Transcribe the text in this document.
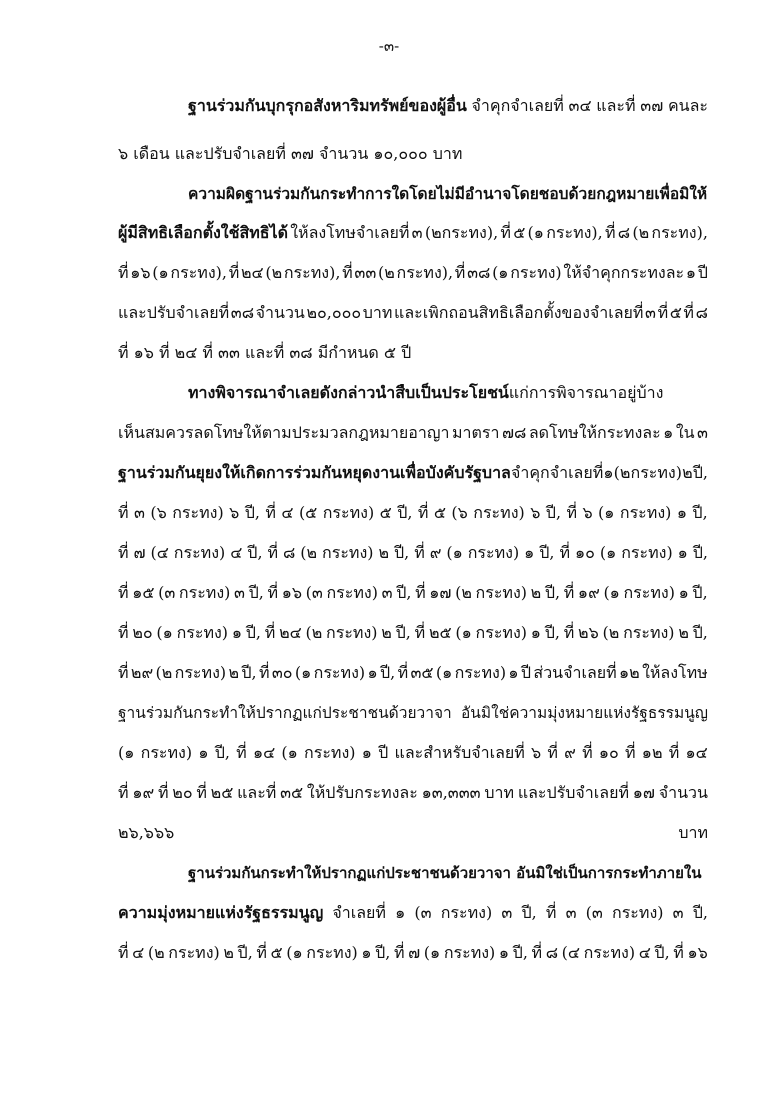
-๓-
ฐานร่วมกันบุกรุกอสังหาริมทรัพย์ของผู้อื่น จำคุกจำเลยที่ ๓๔ และที่ ๓๗ คนละ
๖ เดือน และปรับจำเลยที่ ๓๗ จำนวน ๑๐,๐๐๐ บาท
ความผิดฐานร่วมกันกระทำการใดโดยไม่มีอำนาจโดยชอบด้วยกฎหมายเพื่อมิให้
ผู้มีสิทธิเลือกตั้งใช้สิทธิได้ ให้ลงโทษจำเลยที่ ๓ (๒กระทง), ที่ ๕ (๑ กระทง), ที่ ๘ (๒ กระทง),
ที่ ๑๖ (๑ กระทง), ที่ ๒๔ (๒ กระทง), ที่ ๓๓ (๒ กระทง), ที่ ๓๘ (๑ กระทง) ให้จำคุกกระทงละ ๑ ปี
และปรับจำเลยที่ ๓๘ จำนวน ๒๐,๐๐๐ บาท และเพิกถอนสิทธิเลือกตั้งของจำเลยที่ ๓ ที่ ๕ ที่ ๘
ที่ ๑๖ ที่ ๒๔ ที่ ๓๓ และที่ ๓๘ มีกำหนด ๕ ปี
ทางพิจารณาจำเลยดังกล่าวนำสืบเป็นประโยชน์แก่การพิจารณาอยู่บ้าง
เห็นสมควรลดโทษให้ตามประมวลกฎหมายอาญา มาตรา ๗๘ ลดโทษให้กระทงละ ๑ ใน ๓
ฐานร่วมกันยุยงให้เกิดการร่วมกันหยุดงานเพื่อบังคับรัฐบาล จำคุกจำเลยที่ ๑ (๒ กระทง) ๒ ปี,
ที่ ๓ (๖ กระทง) ๖ ปี, ที่ ๔ (๕ กระทง) ๕ ปี, ที่ ๕ (๖ กระทง) ๖ ปี, ที่ ๖ (๑ กระทง) ๑ ปี,
ที่ ๗ (๔ กระทง) ๔ ปี, ที่ ๘ (๒ กระทง) ๒ ปี, ที่ ๙ (๑ กระทง) ๑ ปี, ที่ ๑๐ (๑ กระทง) ๑ ปี,
ที่ ๑๕ (๓ กระทง) ๓ ปี, ที่ ๑๖ (๓ กระทง) ๓ ปี, ที่ ๑๗ (๒ กระทง) ๒ ปี, ที่ ๑๙ (๑ กระทง) ๑ ปี,
ที่ ๒๐ (๑ กระทง) ๑ ปี, ที่ ๒๔ (๒ กระทง) ๒ ปี, ที่ ๒๕ (๑ กระทง) ๑ ปี, ที่ ๒๖ (๒ กระทง) ๒ ปี,
ที่ ๒๙ (๒ กระทง) ๒ ปี, ที่ ๓๐ (๑ กระทง) ๑ ปี, ที่ ๓๕ (๑ กระทง) ๑ ปี ส่วนจำเลยที่ ๑๒ ให้ลงโทษ
ฐานร่วมกันกระทำให้ปรากฏแก่ประชาชนด้วยวาจา อันมิใช่ความมุ่งหมายแห่งรัฐธรรมนูญ
(๑ กระทง) ๑ ปี, ที่ ๑๔ (๑ กระทง) ๑ ปี และสำหรับจำเลยที่ ๖ ที่ ๙ ที่ ๑๐ ที่ ๑๒ ที่ ๑๔
ที่ ๑๙ ที่ ๒๐ ที่ ๒๕ และที่ ๓๕ ให้ปรับกระทงละ ๑๓,๓๓๓ บาท และปรับจำเลยที่ ๑๗ จำนวน
๒๖,๖๖๖	บาท
ฐานร่วมกันกระทำให้ปรากฏแก่ประชาชนด้วยวาจา อันมิใช่เป็นการกระทำภายใน
ความมุ่งหมายแห่งรัฐธรรมนูญ จำเลยที่ ๑ (๓ กระทง) ๓ ปี, ที่ ๓ (๓ กระทง) ๓ ปี,
ที่ ๔ (๒ กระทง) ๒ ปี, ที่ ๕ (๑ กระทง) ๑ ปี, ที่ ๗ (๑ กระทง) ๑ ปี, ที่ ๘ (๔ กระทง) ๔ ปี, ที่ ๑๖
